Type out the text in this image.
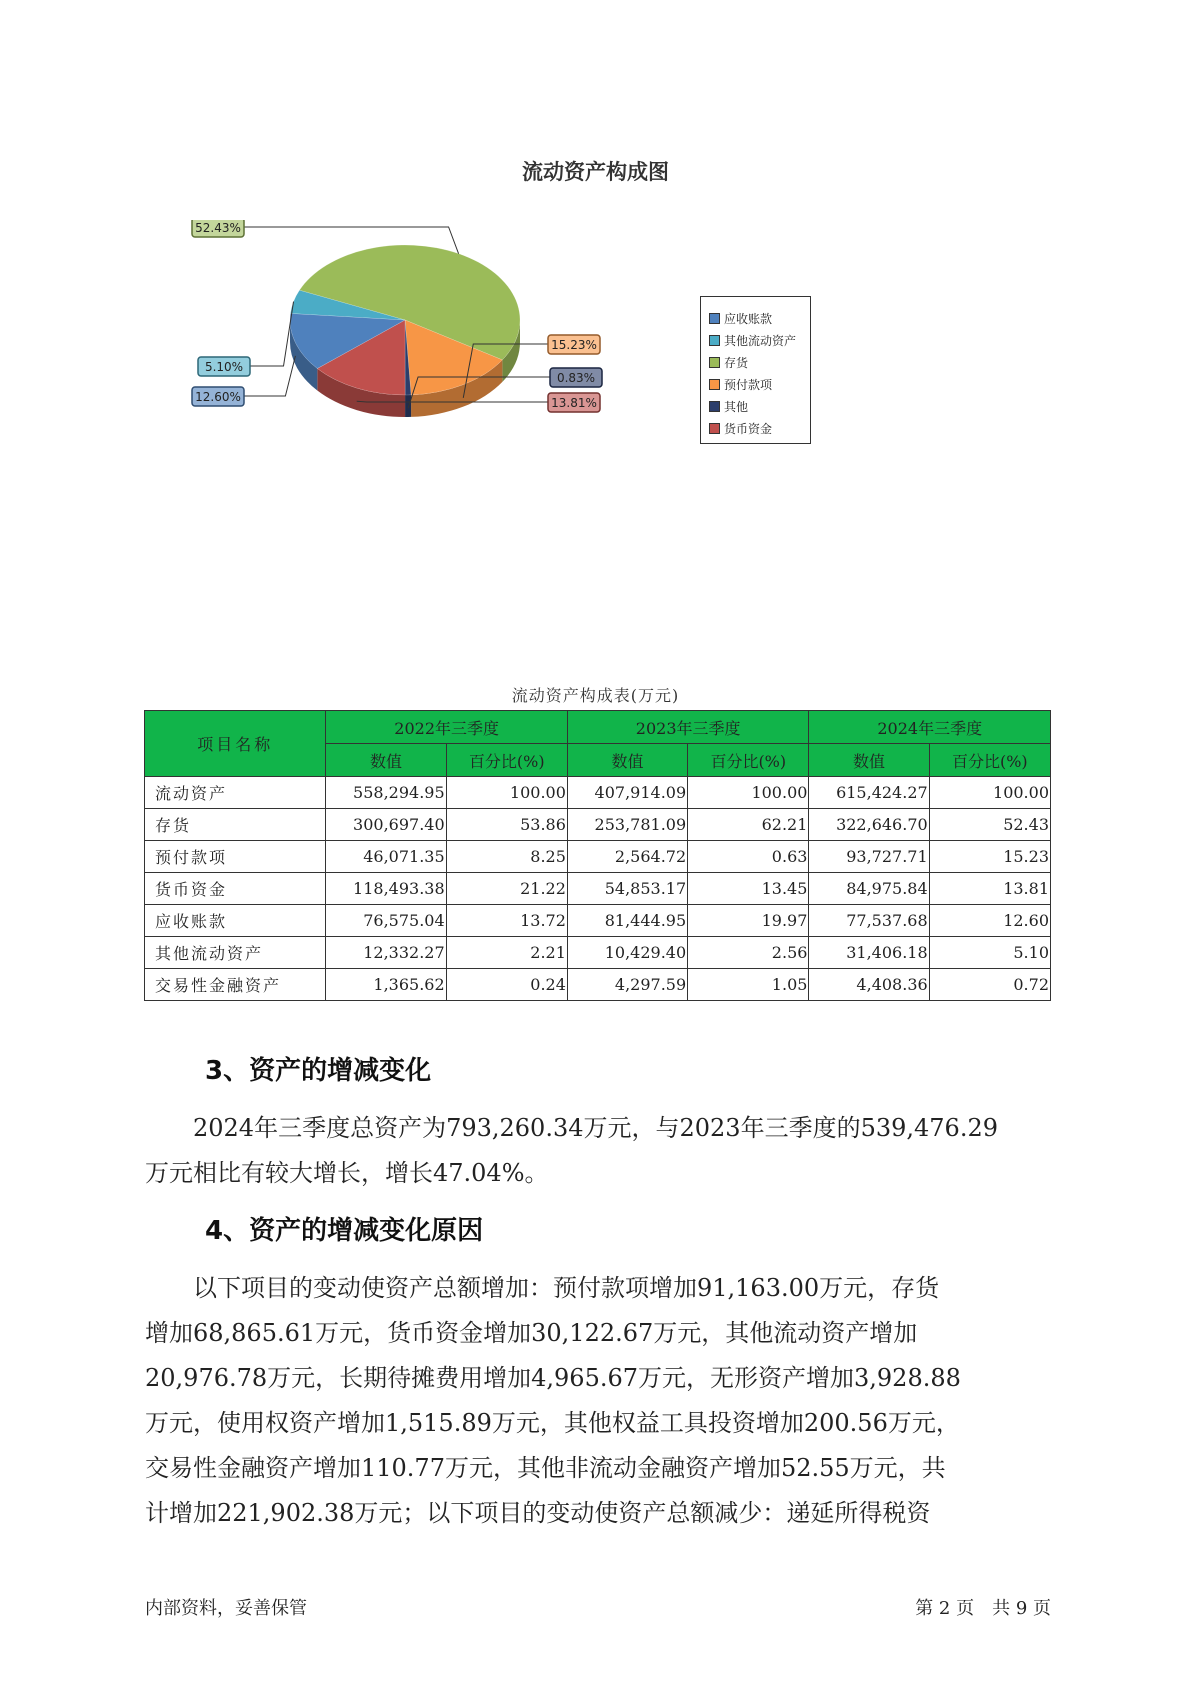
流动资产构成图
52.43%
15.23%
0.83%
13.81%
12.60%
5.10%
应收账款
其他流动资产
存货
预付款项
其他
货币资金
流动资产构成表(万元)
项目名称	2022年三季度		2023年三季度		2024年三季度	
	数值	百分比(%)	数值	百分比(%)	数值	百分比(%)
流动资产	558,294.95	100.00	407,914.09	100.00	615,424.27	100.00
存货	300,697.40	53.86	253,781.09	62.21	322,646.70	52.43
预付款项	46,071.35	8.25	2,564.72	0.63	93,727.71	15.23
货币资金	118,493.38	21.22	54,853.17	13.45	84,975.84	13.81
应收账款	76,575.04	13.72	81,444.95	19.97	77,537.68	12.60
其他流动资产	12,332.27	2.21	10,429.40	2.56	31,406.18	5.10
交易性金融资产	1,365.62	0.24	4,297.59	1.05	4,408.36	0.72
3、资产的增减变化

　　2024年三季度总资产为793,260.34万元，与2023年三季度的539,476.29
万元相比有较大增长，增长47.04%。

4、资产的增减变化原因

　　以下项目的变动使资产总额增加：预付款项增加91,163.00万元，存货
增加68,865.61万元，货币资金增加30,122.67万元，其他流动资产增加
20,976.78万元，长期待摊费用增加4,965.67万元，无形资产增加3,928.88
万元，使用权资产增加1,515.89万元，其他权益工具投资增加200.56万元，
交易性金融资产增加110.77万元，其他非流动金融资产增加52.55万元，共
计增加221,902.38万元；以下项目的变动使资产总额减少：递延所得税资

内部资料，妥善保管	第 2 页　共 9 页
